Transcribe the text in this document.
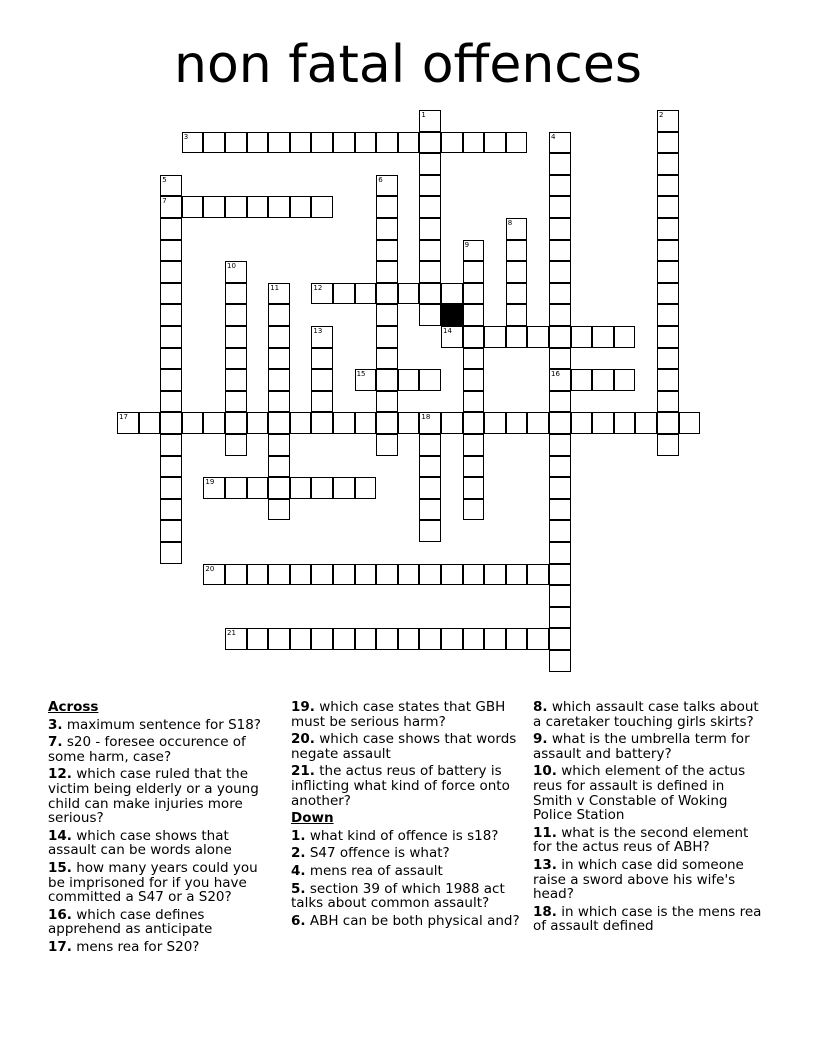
non fatal offences
1	2
3	4
16
5
7
6
8
9
10
11	12
13	14
15
17	18
19
20
21
Across
3. maximum sentence for S18?
7. s20 - foresee occurence of some harm, case?
12. which case ruled that the victim being elderly or a young child can make injuries more serious?
14. which case shows that assault can be words alone
15. how many years could you be imprisoned for if you have committed a S47 or a S20?
16. which case defines apprehend as anticipate
17. mens rea for S20?
19. which case states that GBH must be serious harm?
20. which case shows that words negate assault
21. the actus reus of battery is inflicting what kind of force onto another?
Down
1. what kind of offence is s18?
2. S47 offence is what?
4. mens rea of assault
5. section 39 of which 1988 act talks about common assault?
6. ABH can be both physical and?
8. which assault case talks about a caretaker touching girls skirts?
9. what is the umbrella term for assault and battery?
10. which element of the actus reus for assault is defined in Smith v Constable of Woking Police Station
11. what is the second element for the actus reus of ABH?
13. in which case did someone raise a sword above his wife's head?
18. in which case is the mens rea of assault defined
